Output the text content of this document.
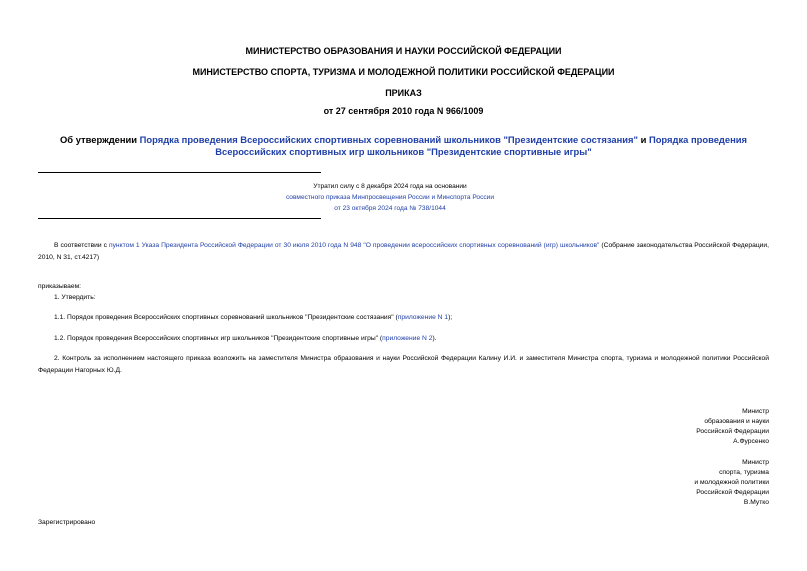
МИНИСТЕРСТВО ОБРАЗОВАНИЯ И НАУКИ РОССИЙСКОЙ ФЕДЕРАЦИИ
МИНИСТЕРСТВО СПОРТА, ТУРИЗМА И МОЛОДЕЖНОЙ ПОЛИТИКИ РОССИЙСКОЙ ФЕДЕРАЦИИ
ПРИКАЗ
от 27 сентября 2010 года N 966/1009
Об утверждении Порядка проведения Всероссийских спортивных соревнований школьников "Президентские состязания" и Порядка проведения Всероссийских спортивных игр школьников "Президентские спортивные игры"
Утратил силу с 8 декабря 2024 года на основании
совместного приказа Минпросвещения России и Минспорта России
от 23 октября 2024 года № 738/1044
В соответствии с пунктом 1 Указа Президента Российской Федерации от 30 июля 2010 года N 948 "О проведении всероссийских спортивных соревнований (игр) школьников" (Собрание законодательства Российской Федерации, 2010, N 31, ст.4217)
приказываем:
1. Утвердить:
1.1. Порядок проведения Всероссийских спортивных соревнований школьников "Президентские состязания" (приложение N 1);
1.2. Порядок проведения Всероссийских спортивных игр школьников "Президентские спортивные игры" (приложение N 2).
2. Контроль за исполнением настоящего приказа возложить на заместителя Министра образования и науки Российской Федерации Калину И.И. и заместителя Министра спорта, туризма и молодежной политики Российской Федерации Нагорных Ю.Д.
Министр
образования и науки
Российской Федерации
А.Фурсенко
Министр
спорта, туризма
и молодежной политики
Российской Федерации
В.Мутко
Зарегистрировано
